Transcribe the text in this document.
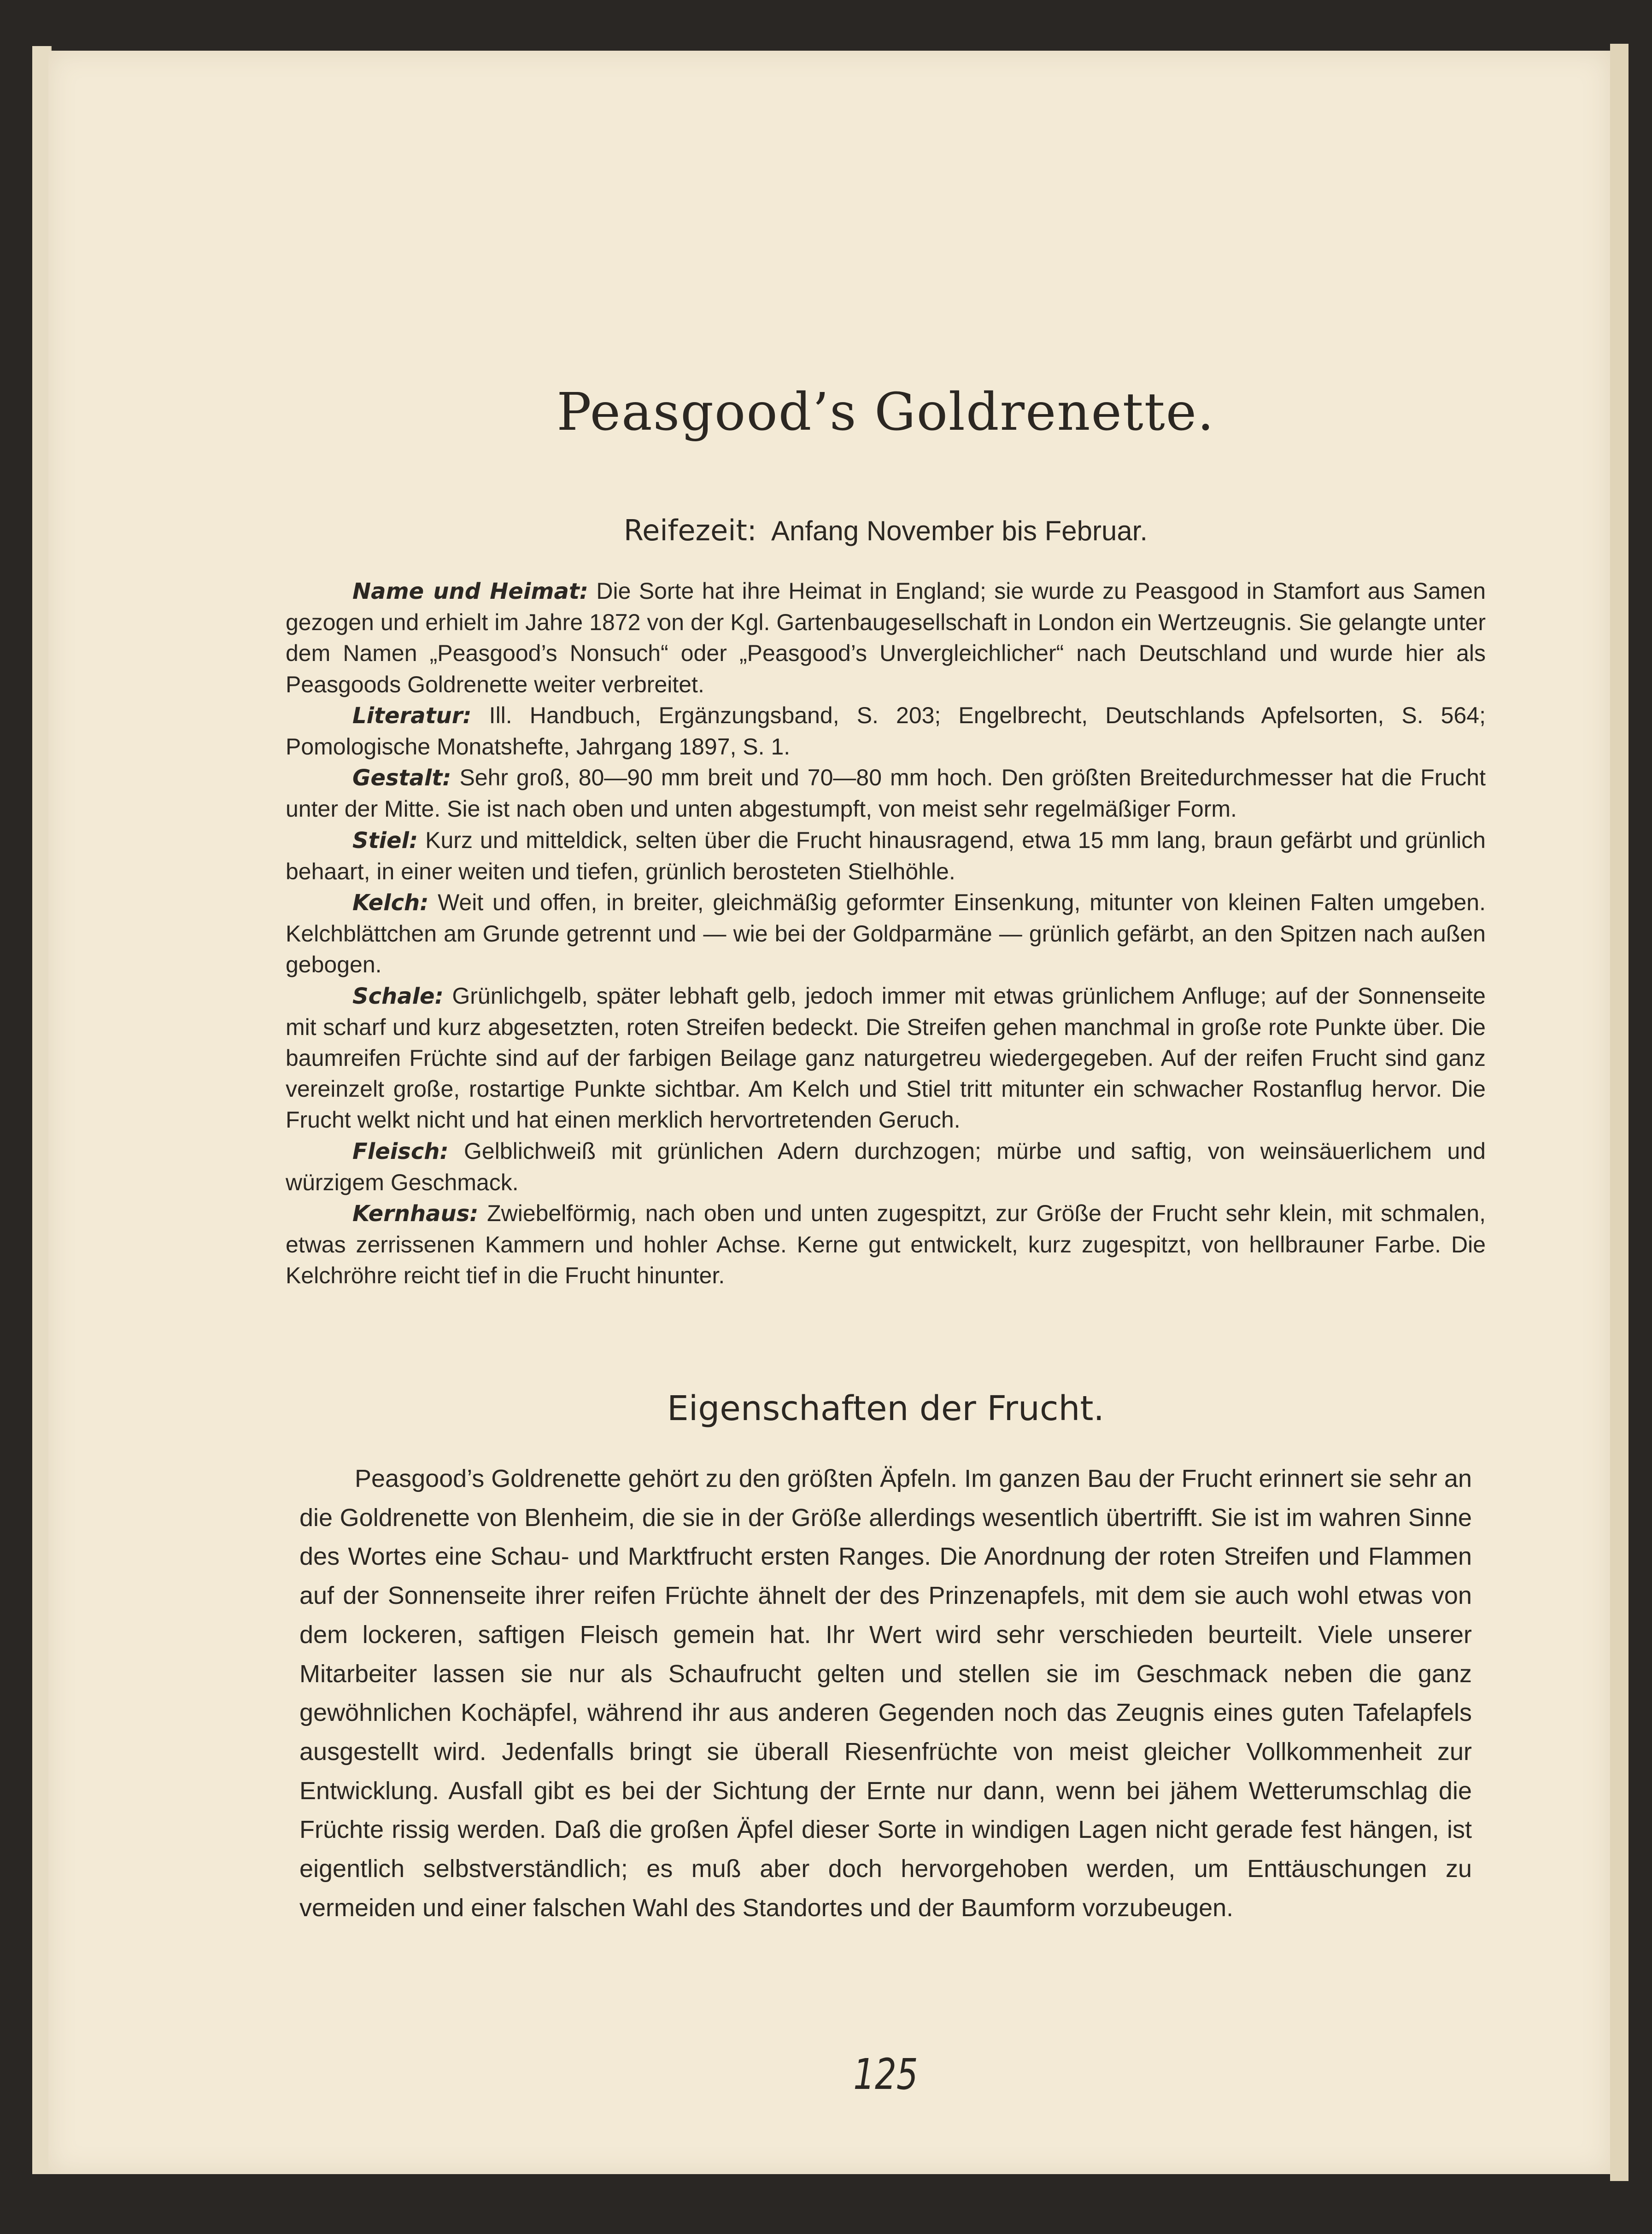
Peasgood’s Goldrenette.
Reifezeit: Anfang November bis Februar.

Name und Heimat: Die Sorte hat ihre Heimat in England; sie wurde zu Peasgood in Stamfort aus Samen gezogen und erhielt im Jahre 1872 von der Kgl. Gartenbaugesellschaft in London ein Wertzeugnis. Sie gelangte unter dem Namen „Peasgood’s Nonsuch“ oder „Peasgood’s Unvergleichlicher“ nach Deutschland und wurde hier als Peasgoods Goldrenette weiter verbreitet.

Literatur: Ill. Handbuch, Ergänzungsband, S. 203; Engelbrecht, Deutschlands Apfelsorten, S. 564; Pomologische Monatshefte, Jahrgang 1897, S. 1.

Gestalt: Sehr groß, 80—90 mm breit und 70—80 mm hoch. Den größten Breitedurchmesser hat die Frucht unter der Mitte. Sie ist nach oben und unten abgestumpft, von meist sehr regelmäßiger Form.

Stiel: Kurz und mitteldick, selten über die Frucht hinausragend, etwa 15 mm lang, braun gefärbt und grünlich behaart, in einer weiten und tiefen, grünlich berosteten Stielhöhle.

Kelch: Weit und offen, in breiter, gleichmäßig geformter Einsenkung, mitunter von kleinen Falten umgeben. Kelchblättchen am Grunde getrennt und — wie bei der Goldparmäne — grünlich gefärbt, an den Spitzen nach außen gebogen.

Schale: Grünlichgelb, später lebhaft gelb, jedoch immer mit etwas grünlichem Anfluge; auf der Sonnenseite mit scharf und kurz abgesetzten, roten Streifen bedeckt. Die Streifen gehen manchmal in große rote Punkte über. Die baumreifen Früchte sind auf der farbigen Beilage ganz naturgetreu wiedergegeben. Auf der reifen Frucht sind ganz vereinzelt große, rostartige Punkte sichtbar. Am Kelch und Stiel tritt mitunter ein schwacher Rostanflug hervor. Die Frucht welkt nicht und hat einen merklich hervortretenden Geruch.

Fleisch: Gelblichweiß mit grünlichen Adern durchzogen; mürbe und saftig, von weinsäuerlichem und würzigem Geschmack.

Kernhaus: Zwiebelförmig, nach oben und unten zugespitzt, zur Größe der Frucht sehr klein, mit schmalen, etwas zerrissenen Kammern und hohler Achse. Kerne gut entwickelt, kurz zugespitzt, von hellbrauner Farbe. Die Kelchröhre reicht tief in die Frucht hinunter.

Eigenschaften der Frucht.

Peasgood’s Goldrenette gehört zu den größten Äpfeln. Im ganzen Bau der Frucht erinnert sie sehr an die Goldrenette von Blenheim, die sie in der Größe allerdings wesentlich übertrifft. Sie ist im wahren Sinne des Wortes eine Schau- und Marktfrucht ersten Ranges. Die Anordnung der roten Streifen und Flammen auf der Sonnenseite ihrer reifen Früchte ähnelt der des Prinzenapfels, mit dem sie auch wohl etwas von dem lockeren, saftigen Fleisch gemein hat. Ihr Wert wird sehr verschieden beurteilt. Viele unserer Mitarbeiter lassen sie nur als Schaufrucht gelten und stellen sie im Geschmack neben die ganz gewöhnlichen Kochäpfel, während ihr aus anderen Gegenden noch das Zeugnis eines guten Tafelapfels ausgestellt wird. Jedenfalls bringt sie überall Riesenfrüchte von meist gleicher Vollkommenheit zur Entwicklung. Ausfall gibt es bei der Sichtung der Ernte nur dann, wenn bei jähem Wetterumschlag die Früchte rissig werden. Daß die großen Äpfel dieser Sorte in windigen Lagen nicht gerade fest hängen, ist eigentlich selbstverständlich; es muß aber doch hervorgehoben werden, um Enttäuschungen zu vermeiden und einer falschen Wahl des Standortes und der Baumform vorzubeugen.

125
